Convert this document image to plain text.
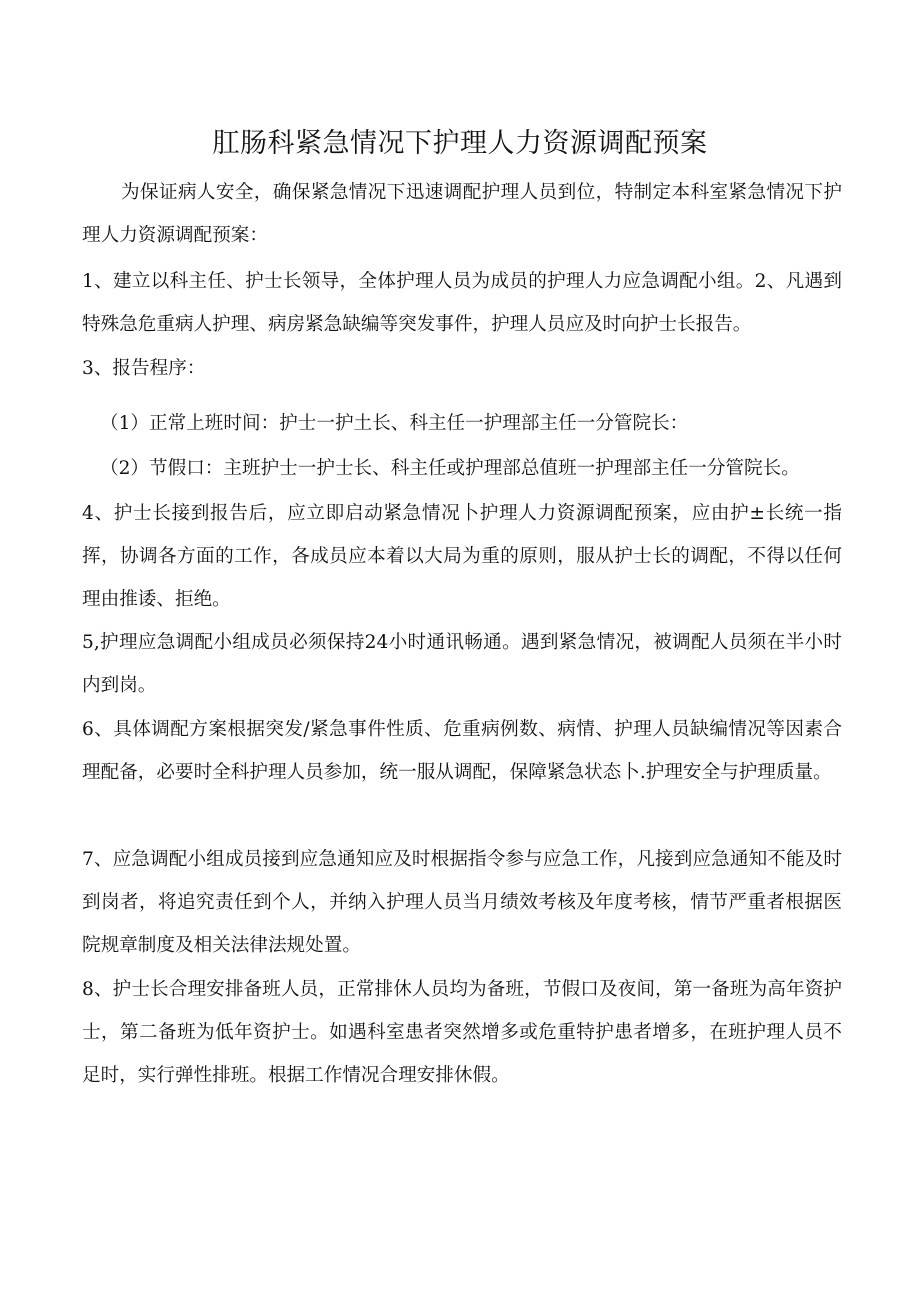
肛肠科紧急情况下护理人力资源调配预案
为保证病人安全，确保紧急情况下迅速调配护理人员到位，特制定本科室紧急情况下护理人力资源调配预案：
1、建立以科主任、护士长领导，全体护理人员为成员的护理人力应急调配小组。2、凡遇到特殊急危重病人护理、病房紧急缺编等突发事件，护理人员应及时向护士长报告。
3、报告程序：
（1）正常上班时间：护士一护土长、科主任一护理部主任一分管院长：
（2）节假口：主班护士一护士长、科主任或护理部总值班一护理部主任一分管院长。
4、护士长接到报告后，应立即启动紧急情况卜护理人力资源调配预案，应由护±长统一指挥，协调各方面的工作，各成员应本着以大局为重的原则，服从护士长的调配，不得以任何理由推诿、拒绝。
5,护理应急调配小组成员必须保持24小时通讯畅通。遇到紧急情况，被调配人员须在半小时内到岗。
6、具体调配方案根据突发/紧急事件性质、危重病例数、病情、护理人员缺编情况等因素合理配备，必要时全科护理人员参加，统一服从调配，保障紧急状态卜.护理安全与护理质量。
7、应急调配小组成员接到应急通知应及时根据指令参与应急工作，凡接到应急通知不能及时到岗者，将追究责任到个人，并纳入护理人员当月绩效考核及年度考核，情节严重者根据医院规章制度及相关法律法规处置。
8、护士长合理安排备班人员，正常排休人员均为备班，节假口及夜间，第一备班为高年资护士，第二备班为低年资护士。如遇科室患者突然增多或危重特护患者增多，在班护理人员不足时，实行弹性排班。根据工作情况合理安排休假。
